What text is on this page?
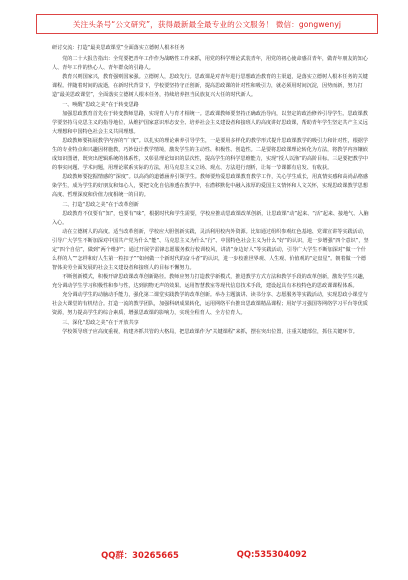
关注头条号“公文研究”，获得最新最全最专业的公文服务！ 微信：gongwenyj

研讨交流：打造“最美思政课堂”全面落实立德树人根本任务

党的二十大报告指出：全党要把青年工作作为战略性工作来抓，用党的科学理论武装青年，用党的初心使命感召青年，做青年朋友的知心人、青年工作的热心人、青年群众的引路人。

教育兴则国家兴，教育强则国家强。立德树人，思政先行。思政课是对青年进行思想政治教育的主渠道，是落实立德树人根本任务的关键课程。伴随着时间的流逝，在新时代背景下，学校要坚持守正创新，提高思政课的针对性和吸引力，就必须用时间沉淀，因势而新，努力打造“最美思政课堂”，全面落实立德树人根本任务，持续培养担当民族复兴大任的时代新人。

一、唤醒“思政之美”在于转变思路

加强思政教育首先在于转变教师思路，实现育人与育才相统一。思政课教师要坚持正确政治导向，以坚定的政治修养引导学生。思政课教学要坚持马克思主义的指导地位，从维护国家意识形态安全、培养社会主义建设者和接班人的高度讲好思政课，帮助青年学生坚定共产主义远大理想和中国特色社会主义共同理想。

思政教师要拓展教学内容的“广度”。以扎实的理论素养引导学生，一是要用多样化的教学形式提升思政课教学的吸引力和针对性，根据学生的专业特点和兴趣因材施教，巧妙设计教学情境，激发学生的主动性、积极性、创造性。二是要将思政课理论转化为方法，将教学内容镶嵌成知识图谱，既突出逻辑系统的体系性，又彰显理论知识的层次性，提高学生的科学思维能力，实现“授人以渔”的高阶目标。三是要把教学中的事实问题、学术问题，用理论联系实际的方法，用马克思主义立场、观点、方法进行剖析，让每一节课都有启发、有收获。

思政教师要挖掘情感的“深度”。以高尚的道德涵养引领学生。教师要热爱思政课教育教学工作，关心学生成长，用真情实感和高尚品格感染学生，成为学生的好朋友和知心人，要把文化自信渗透在教学中，在潜移默化中融入浓厚的爱国主义情怀和人文关怀，实现思政课教学思想高度、哲理深度和价值力度相统一的目的。

二、打造“思政之美”在于改革创新

思政教育不仅要有“知”，也要有“味”，根据时代和学生需要，学校应推动思政课改革创新，让思政课“动”起来、“活”起来、接地气、入脑入心。

动在立德树人的高度。适当改革创新，学校应大胆创新实践，灵活利用校内外资源。比如通过组织参观红色基地、党课宣讲等实践活动，引导广大学生不断加深对中国共产党为什么“能”、马克思主义为什么“行”、中国特色社会主义为什么“好”的认识，进一步增强“四个意识”，坚定“四个自信”，做到“两个维护”；通过开展学雷锋志愿服务救行校训校风，讲清“身边好人”等实践活动，引导广大学生不断加深对“做一个什么样的人”“怎样和好人生第一粒扣子”“如何做一个新时代的奋斗者”的认识，进一步校准世界观、人生观、价值观的“定盘星”。朝着做一个德智体美劳全面发展的社会主义建设者和接班人的目标不懈努力。

不断创新模式，积极开辟思政课改革创新路径。教师应努力打造教学新模式，推进教学方式方法和教学手段的改革创新，激发学生兴趣，充分调动学生学习积极性和参与性，达到润物无声的效果。运用智慧教室等现代信息技术手段，建设起具有本校特色的思政课课程体系。

充分调动学生的动脑动手能力，强化第二课堂实践教学的改革创新。举办主题演讲、读书分享、志愿服务等实践活动，实现思政小课堂与社会大课堂的有机结合。打造一流的教学团队，加强科研成果转化，运用网络平台推出思政课精品课程；用好学习强国等网络学习平台等优质资源，努力提高学生的综合素质，增强思政课的影响力，实现全程育人、全方位育人。

三、深化“思政之美”在于开放共享

学校领导班子应高度重视，构建齐抓共管的大格局，把思政课作为“关键课程”来抓，摆在突出位置，注重关键部位，抓住关键环节。

QQ群：30265665	QQ:535304092
